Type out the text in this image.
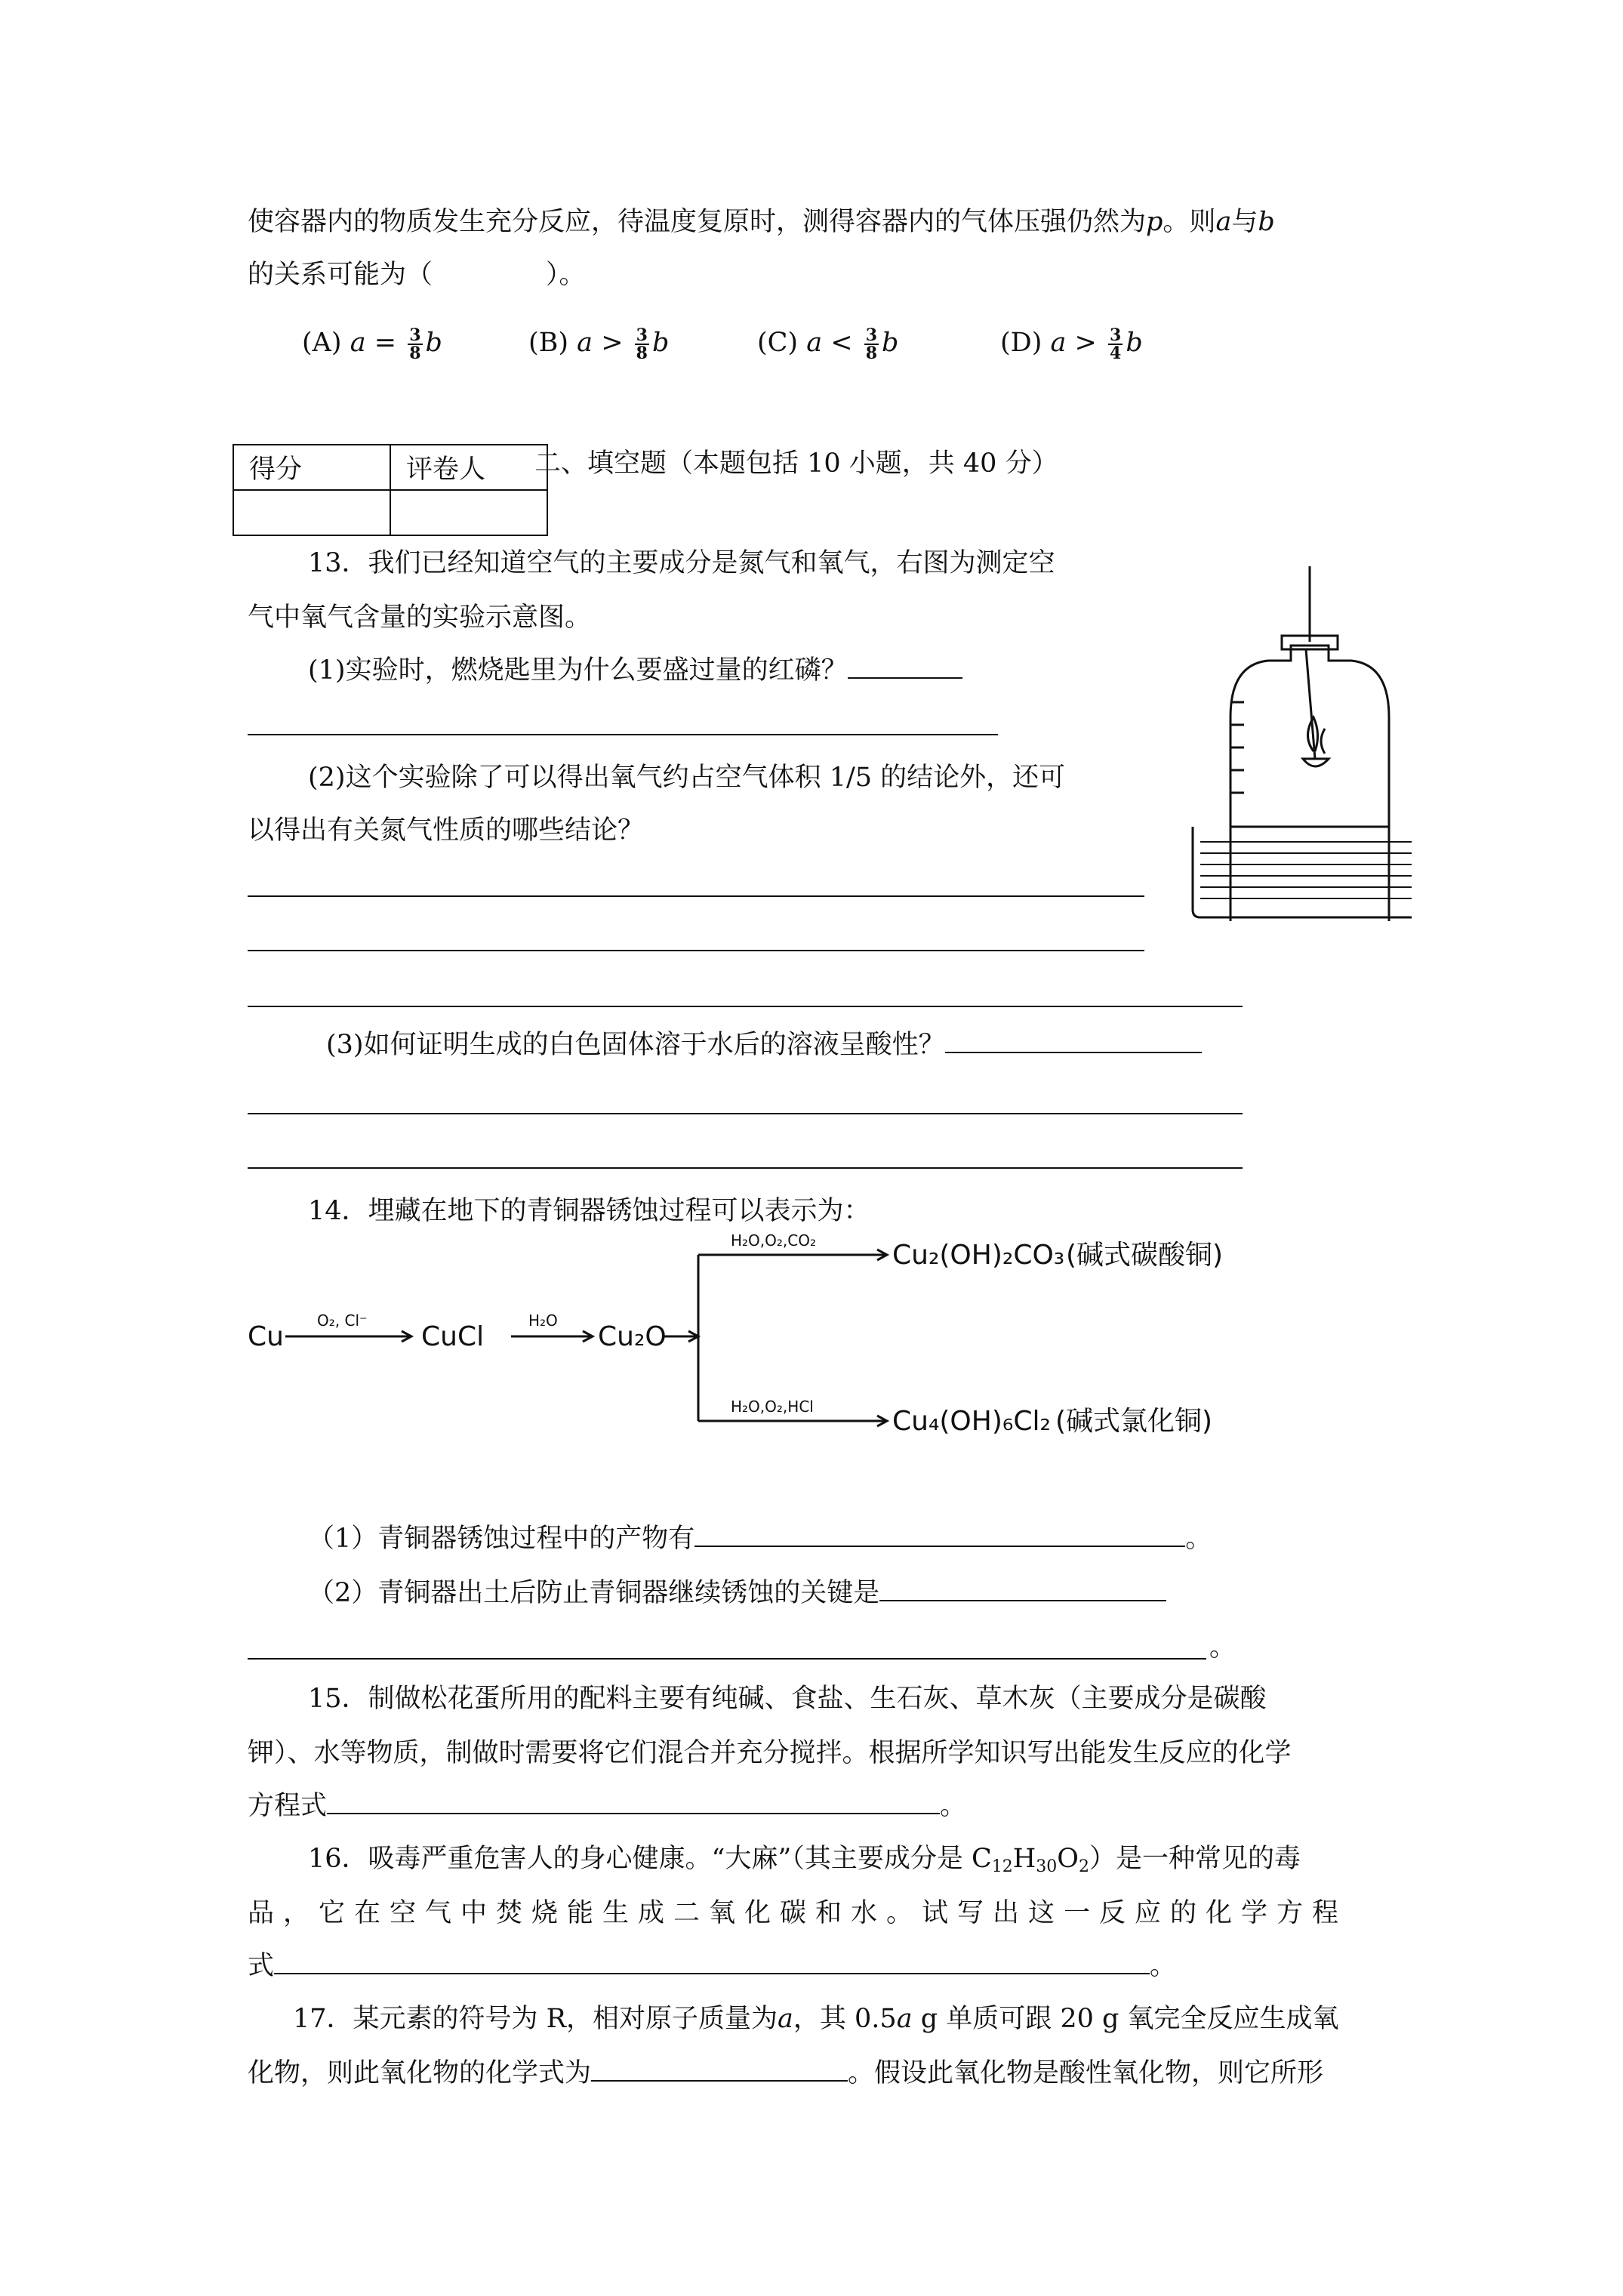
使容器内的物质发生充分反应，待温度复原时，测得容器内的气体压强仍然为p。则a与b
的关系可能为（	）。
(A) $a = \frac{3}{8}$ b	(B) $a > \frac{3}{8}$ b	(C) $a < \frac{3}{8}$ b	(D) $a > \frac{3}{4}$ b
得分	评卷人
	二、填空题（本题包括 10 小题，共 40 分）
13．我们已经知道空气的主要成分是氮气和氧气，右图为测定空
气中氧气含量的实验示意图。
(1)实验时，燃烧匙里为什么要盛过量的红磷？
(2)这个实验除了可以得出氧气约占空气体积 1/5 的结论外，还可
以得出有关氮气性质的哪些结论？
(3)如何证明生成的白色固体溶于水后的溶液呈酸性？
14．埋藏在地下的青铜器锈蚀过程可以表示为：
Cu	CuCl	Cu₂O
Cu₂(OH)₂CO₃ (碱式碳酸铜)
Cu₄(OH)₆Cl₂ (碱式氯化铜)
O₂, Cl⁻	H₂O
H₂O,O₂,CO₂
H₂O,O₂,HCl
（1）青铜器锈蚀过程中的产物有	。
（2）青铜器出土后防止青铜器继续锈蚀的关键是
。
15．制做松花蛋所用的配料主要有纯碱、食盐、生石灰、草木灰（主要成分是碳酸
钾）、水等物质，制做时需要将它们混合并充分搅拌。根据所学知识写出能发生反应的化学
方程式	。
16．吸毒严重危害人的身心健康。“大麻”（其主要成分是 $C_{12}H_{30}O_2$）是一种常见的毒
品，它在空气中焚烧能生成二氧化碳和水。试写出这一反应的化学方程
式	。
17．某元素的符号为 R，相对原子质量为a，其 0.5a g 单质可跟 20 g 氧完全反应生成氧
化物，则此氧化物的化学式为	。假设此氧化物是酸性氧化物，则它所形
